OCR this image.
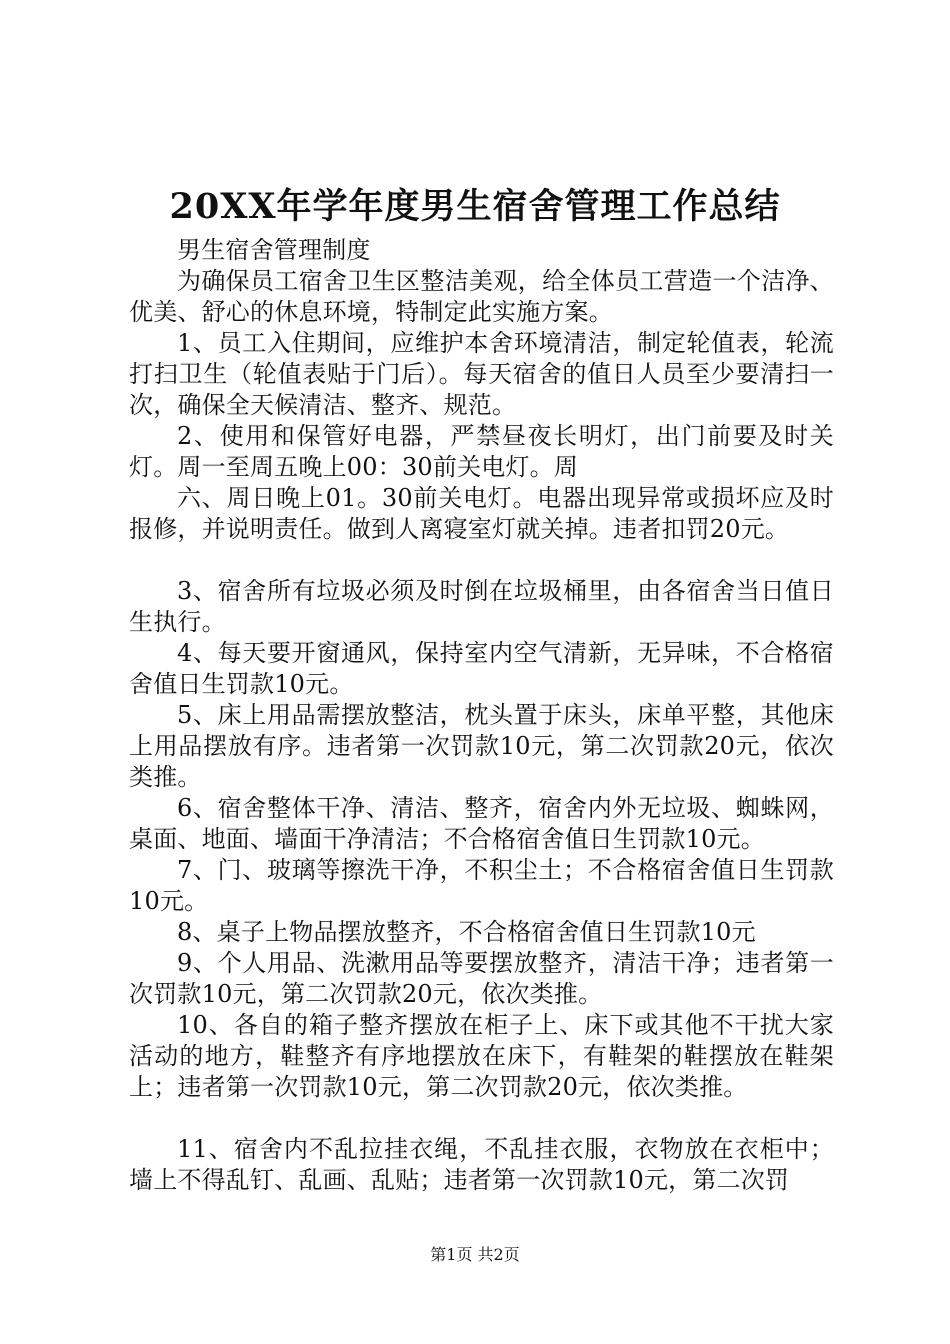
20XX年学年度男生宿舍管理工作总结

男生宿舍管理制度

为确保员工宿舍卫生区整洁美观，给全体员工营造一个洁净、优美、舒心的休息环境，特制定此实施方案。

1、员工入住期间，应维护本舍环境清洁，制定轮值表，轮流打扫卫生（轮值表贴于门后）。每天宿舍的值日人员至少要清扫一次，确保全天候清洁、整齐、规范。

2、使用和保管好电器，严禁昼夜长明灯，出门前要及时关灯。周一至周五晚上00：30前关电灯。周

六、周日晚上01。30前关电灯。电器出现异常或损坏应及时报修，并说明责任。做到人离寝室灯就关掉。违者扣罚20元。

3、宿舍所有垃圾必须及时倒在垃圾桶里，由各宿舍当日值日生执行。

4、每天要开窗通风，保持室内空气清新，无异味，不合格宿舍值日生罚款10元。

5、床上用品需摆放整洁，枕头置于床头，床单平整，其他床上用品摆放有序。违者第一次罚款10元，第二次罚款20元，依次类推。

6、宿舍整体干净、清洁、整齐，宿舍内外无垃圾、蜘蛛网，桌面、地面、墙面干净清洁；不合格宿舍值日生罚款10元。

7、门、玻璃等擦洗干净，不积尘土；不合格宿舍值日生罚款10元。

8、桌子上物品摆放整齐，不合格宿舍值日生罚款10元

9、个人用品、洗漱用品等要摆放整齐，清洁干净；违者第一次罚款10元，第二次罚款20元，依次类推。

10、各自的箱子整齐摆放在柜子上、床下或其他不干扰大家活动的地方，鞋整齐有序地摆放在床下，有鞋架的鞋摆放在鞋架上；违者第一次罚款10元，第二次罚款20元，依次类推。

11、宿舍内不乱拉挂衣绳，不乱挂衣服，衣物放在衣柜中；墙上不得乱钉、乱画、乱贴；违者第一次罚款10元，第二次罚

第1页 共2页
